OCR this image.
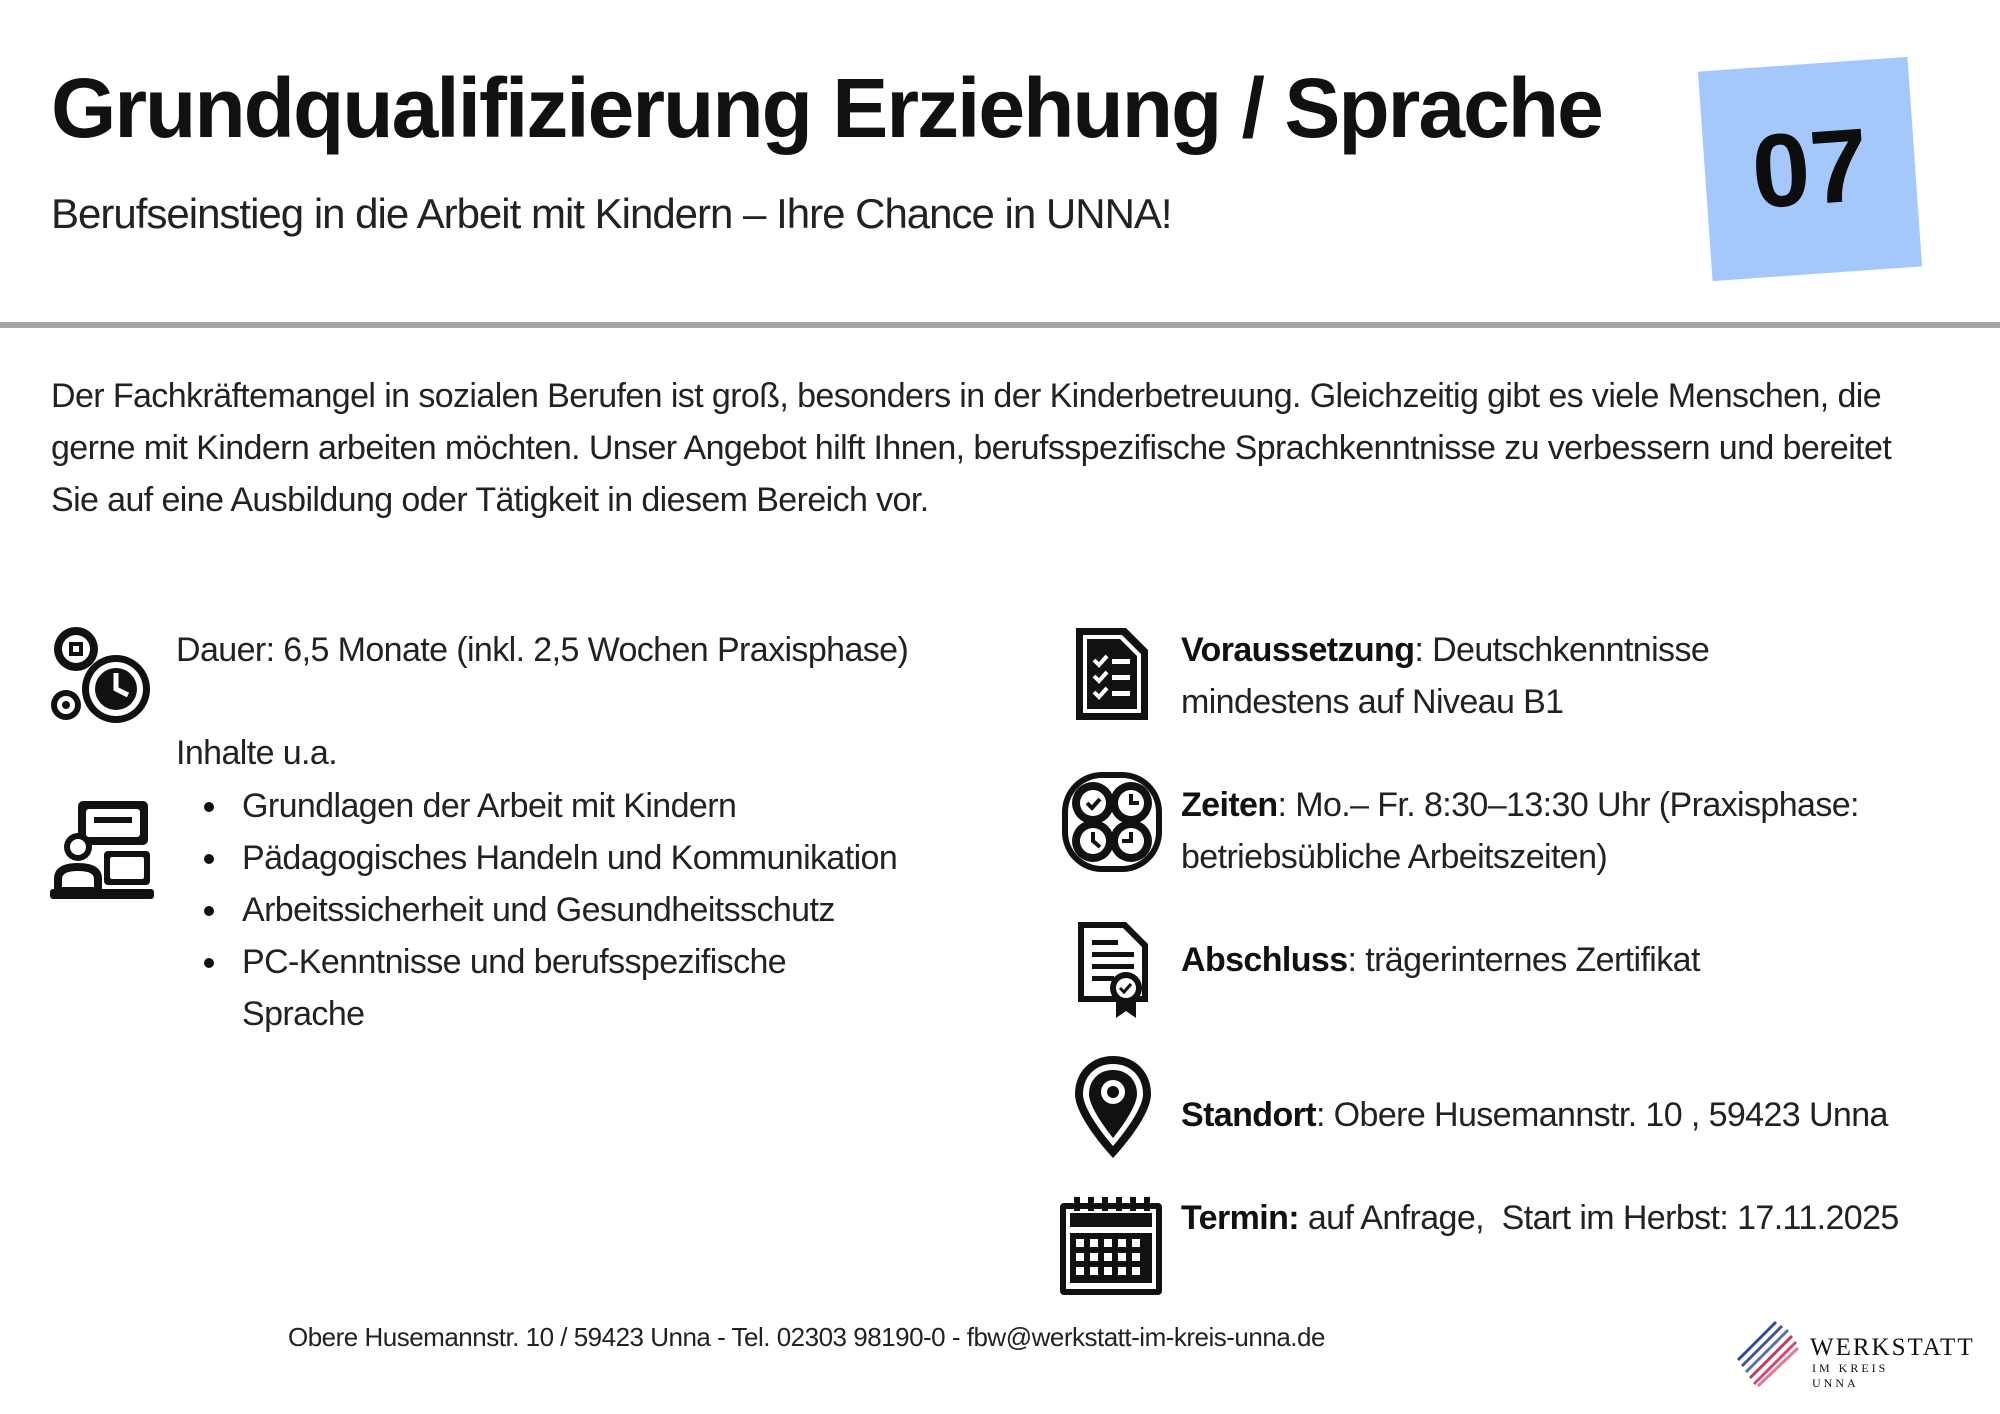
Grundqualifizierung Erziehung / Sprache

Berufseinstieg in die Arbeit mit Kindern – Ihre Chance in UNNA!	07

Der Fachkräftemangel in sozialen Berufen ist groß, besonders in der Kinderbetreuung. Gleichzeitig gibt es viele Menschen, die gerne mit Kindern arbeiten möchten. Unser Angebot hilft Ihnen, berufsspezifische Sprachkenntnisse zu verbessern und bereitet Sie auf eine Ausbildung oder Tätigkeit in diesem Bereich vor.

Dauer: 6,5 Monate (inkl. 2,5 Wochen Praxisphase)
Inhalte u.a.
Grundlagen der Arbeit mit Kindern
Pädagogisches Handeln und Kommunikation
Arbeitssicherheit und Gesundheitsschutz
PC-Kenntnisse und berufsspezifische Sprache
Voraussetzung: Deutschkenntnisse mindestens auf Niveau B1
Zeiten: Mo.– Fr. 8:30–13:30 Uhr (Praxisphase: betriebsübliche Arbeitszeiten)
Abschluss: trägerinternes Zertifikat
Standort: Obere Husemannstr. 10 , 59423 Unna
Termin: auf Anfrage,  Start im Herbst: 17.11.2025
Obere Husemannstr. 10 / 59423 Unna - Tel. 02303 98190-0 - fbw@werkstatt-im-kreis-unna.de	WERKSTATT
IM KREIS UNNA
